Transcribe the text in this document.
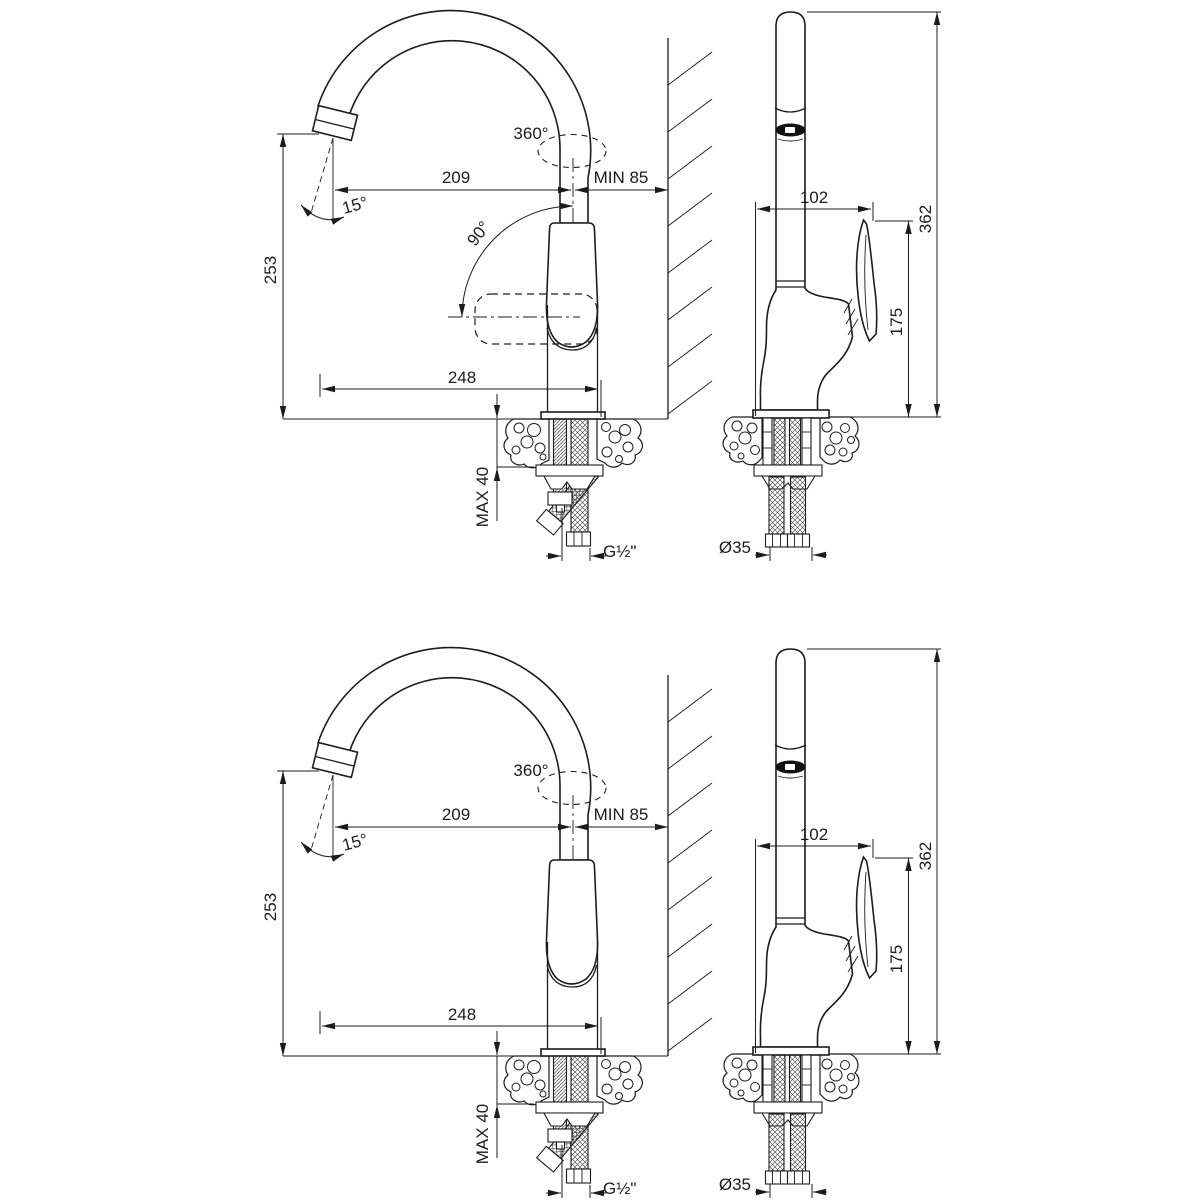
360°
209	MIN 85
15°
90°
253
248
MAX 40
G½"
102
362
175
Ø35
360°
209	MIN 85
15°
253
248
MAX 40
G½"
102
362
175
Ø35
